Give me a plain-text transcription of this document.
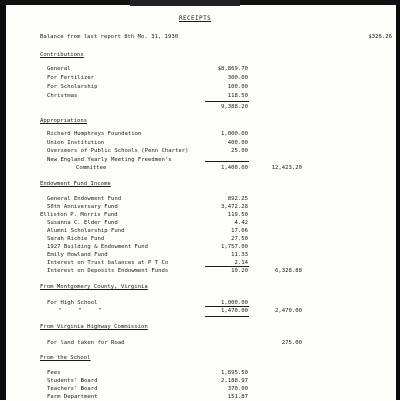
RECEIPTS
Balance from last report 8th Mo. 31, 1930	$326.26
Contributions
General	$8,869.70
For Fertilizer	300.00
For Scholarship	100.00
Christmas	118.50
9,388.20
Appropriations
Richard Humphreys Foundation	1,000.00
Union Institution	400.00
Overseers of Public Schools (Penn Charter)	25.00
New England Yearly Meeting Freedmen's
Committee	1,400.00	12,423.20
Endowment Fund Income
General Endowment Fund	892.25
50th Anniversary Fund	3,472.28
Elliston P. Morris Fund	119.50
Susanna C. Elder Fund	4.42
Alumni Scholarship Fund	17.06
Sarah Richie Fund	27.50
1927 Building & Endowment Fund	1,757.00
Emily Howland Fund	11.33
Interest on Trust balances at P T Co	2.14
Interest on Deposits Endowment Funds	10.20	6,328.88
From Montgomery County, Virginia
For High School	1,000.00
"     "     "	1,470.00	2,470.00
From Virginia Highway Commission
For land taken for Road	275.00
From the School
Fees	1,895.50
Students' Board	2,188.97
Teachers' Board	370.00
Farm Department	151.87
